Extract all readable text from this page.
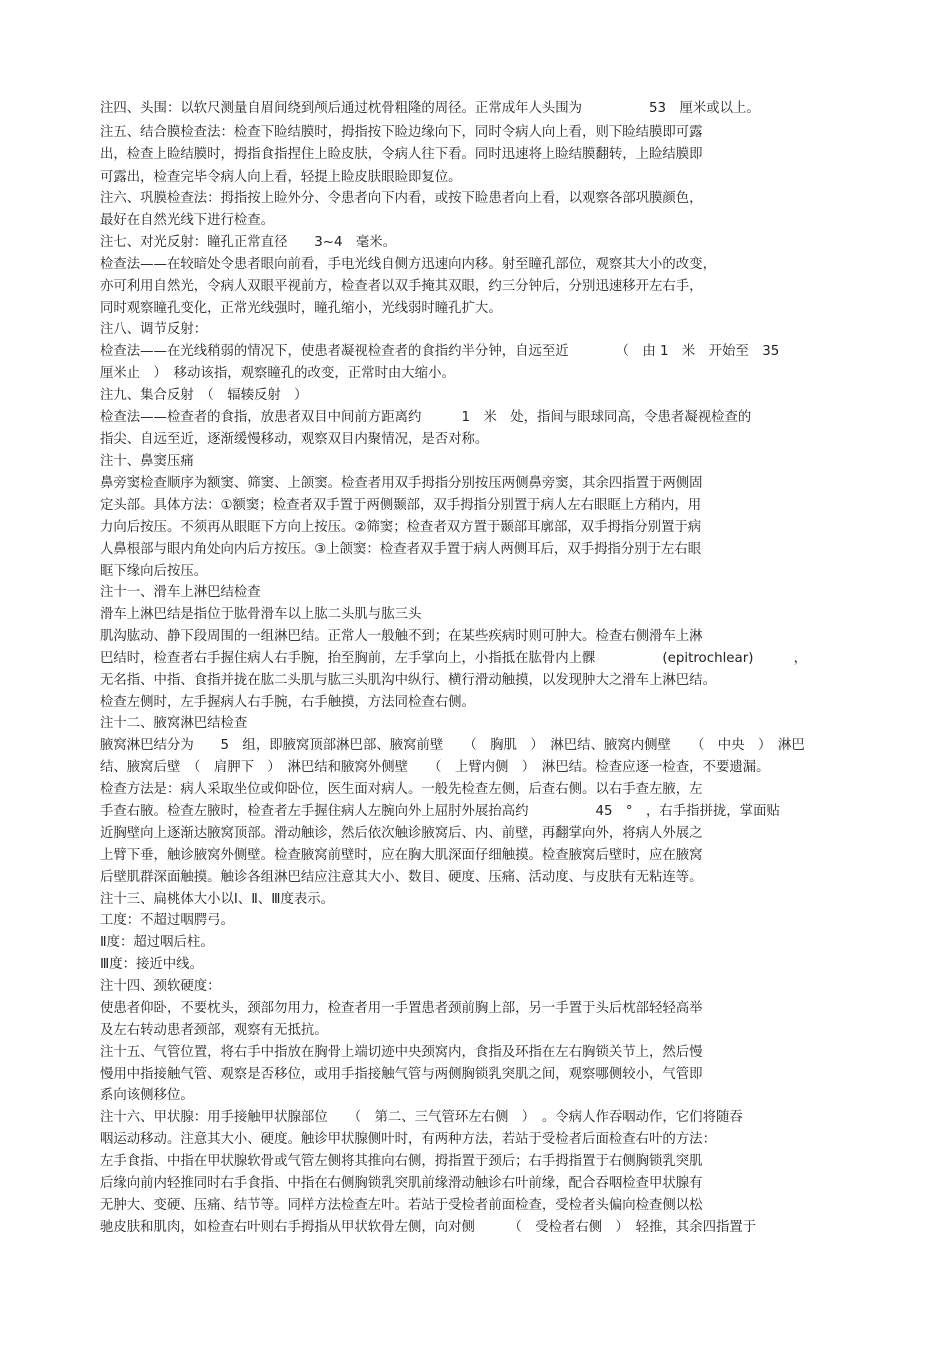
注四、头围：以软尺测量自眉间绕到颅后通过枕骨粗隆的周径。正常成年人头围为　　　　　53　厘米或以上。
注五、结合膜检查法：检查下睑结膜时，拇指按下睑边缘向下，同时令病人向上看，则下睑结膜即可露
出，检查上睑结膜时，拇指食指捏住上睑皮肤，令病人往下看。同时迅速将上睑结膜翻转，上睑结膜即
可露出，检查完毕令病人向上看，轻提上睑皮肤眼睑即复位。
注六、巩膜检查法：拇指按上睑外分、令患者向下内看，或按下睑患者向上看，以观察各部巩膜颜色，
最好在自然光线下进行检查。
注七、对光反射：瞳孔正常直径　　3~4　毫米。
检查法——在较暗处令患者眼向前看，手电光线自侧方迅速向内移。射至瞳孔部位，观察其大小的改变，
亦可利用自然光，令病人双眼平视前方，检查者以双手掩其双眼，约三分钟后，分别迅速移开左右手，
同时观察瞳孔变化，正常光线强时，瞳孔缩小，光线弱时瞳孔扩大。
注八、调节反射：
检查法——在光线稍弱的情况下，使患者凝视检查者的食指约半分钟，自远至近　　　　（　由 1　米　开始至　35
厘米止　）　移动该指，观察瞳孔的改变，正常时由大缩小。
注九、集合反射　（　辐辏反射　）
检查法——检查者的食指，放患者双目中间前方距离约　　　1　米　处，指间与眼球同高，令患者凝视检查的
指尖、自远至近，逐渐缓慢移动，观察双目内聚情况，是否对称。
注十、鼻窦压痛
鼻旁窦检查顺序为额窦、筛窦、上颌窦。检查者用双手拇指分别按压两侧鼻旁窦，其余四指置于两侧固
定头部。具体方法：①额窦；检查者双手置于两侧颞部，双手拇指分别置于病人左右眼眶上方稍内，用
力向后按压。不须再从眼眶下方向上按压。②筛窦；检查者双方置于颞部耳廓部，双手拇指分别置于病
人鼻根部与眼内角处向内后方按压。③上颌窦：检查者双手置于病人两侧耳后，双手拇指分别于左右眼
眶下缘向后按压。
注十一、滑车上淋巴结检查
滑车上淋巴结是指位于肱骨滑车以上肱二头肌与肱三头
肌沟肱动、静下段周围的一组淋巴结。正常人一般触不到；在某些疾病时则可肿大。检查右侧滑车上淋
巴结时，检查者右手握住病人右手腕，抬至胸前，左手掌向上，小指抵在肱骨内上髁　　　　　(epitrochlear)　　　，
无名指、中指、食指并拢在肱二头肌与肱三头肌沟中纵行、横行滑动触摸，以发现肿大之滑车上淋巴结。
检查左侧时，左手握病人右手腕，右手触摸，方法同检查右侧。
注十二、腋窝淋巴结检查
腋窝淋巴结分为　　5　组，即腋窝顶部淋巴部、腋窝前壁　　（　胸肌　）　淋巴结、腋窝内侧壁　　（　中央　）　淋巴
结、腋窝后壁　（　肩胛下　）　淋巴结和腋窝外侧壁　　（　上臂内侧　）　淋巴结。检查应逐一检查，不要遗漏。
检查方法是：病人采取坐位或仰卧位，医生面对病人。一般先检查左侧，后查右侧。以右手查左腋，左
手查右腋。检查左腋时，检查者左手握住病人左腕向外上屈肘外展抬高约　　　　　45　°　，右手指拼拢，掌面贴
近胸壁向上逐渐达腋窝顶部。滑动触诊，然后依次触诊腋窝后、内、前壁，再翻掌向外，将病人外展之
上臂下垂，触诊腋窝外侧壁。检查腋窝前壁时，应在胸大肌深面仔细触摸。检查腋窝后壁时，应在腋窝
后壁肌群深面触摸。触诊各组淋巴结应注意其大小、数目、硬度、压痛、活动度、与皮肤有无粘连等。
注十三、扁桃体大小以Ⅰ、Ⅱ、Ⅲ度表示。
工度：不超过咽腭弓。
Ⅱ度：超过咽后柱。
Ⅲ度：接近中线。
注十四、颈软硬度：
使患者仰卧，不要枕头，颈部勿用力，检查者用一手置患者颈前胸上部，另一手置于头后枕部轻轻高举
及左右转动患者颈部，观察有无抵抗。
注十五、气管位置，将右手中指放在胸骨上端切迹中央颈窝内，食指及环指在左右胸锁关节上，然后慢
慢用中指接触气管、观察是否移位，或用手指接触气管与两侧胸锁乳突肌之间，观察哪侧较小，气管即
系向该侧移位。
注十六、甲状腺：用手接触甲状腺部位　　（　第二、三气管环左右侧　）　。令病人作吞咽动作，它们将随吞
咽运动移动。注意其大小、硬度。触诊甲状腺侧叶时，有两种方法，若站于受检者后面检查右叶的方法：
左手食指、中指在甲状腺软骨或气管左侧将其推向右侧，拇指置于颈后；右手拇指置于右侧胸锁乳突肌
后缘向前内轻推同时右手食指、中指在右侧胸锁乳突肌前缘滑动触诊右叶前缘，配合吞咽检查甲状腺有
无肿大、变硬、压痛、结节等。同样方法检查左叶。若站于受检者前面检查，受检者头偏向检查侧以松
驰皮肤和肌肉，如检查右叶则右手拇指从甲状软骨左侧，向对侧　　　（　受检者右侧　）　轻推，其余四指置于
